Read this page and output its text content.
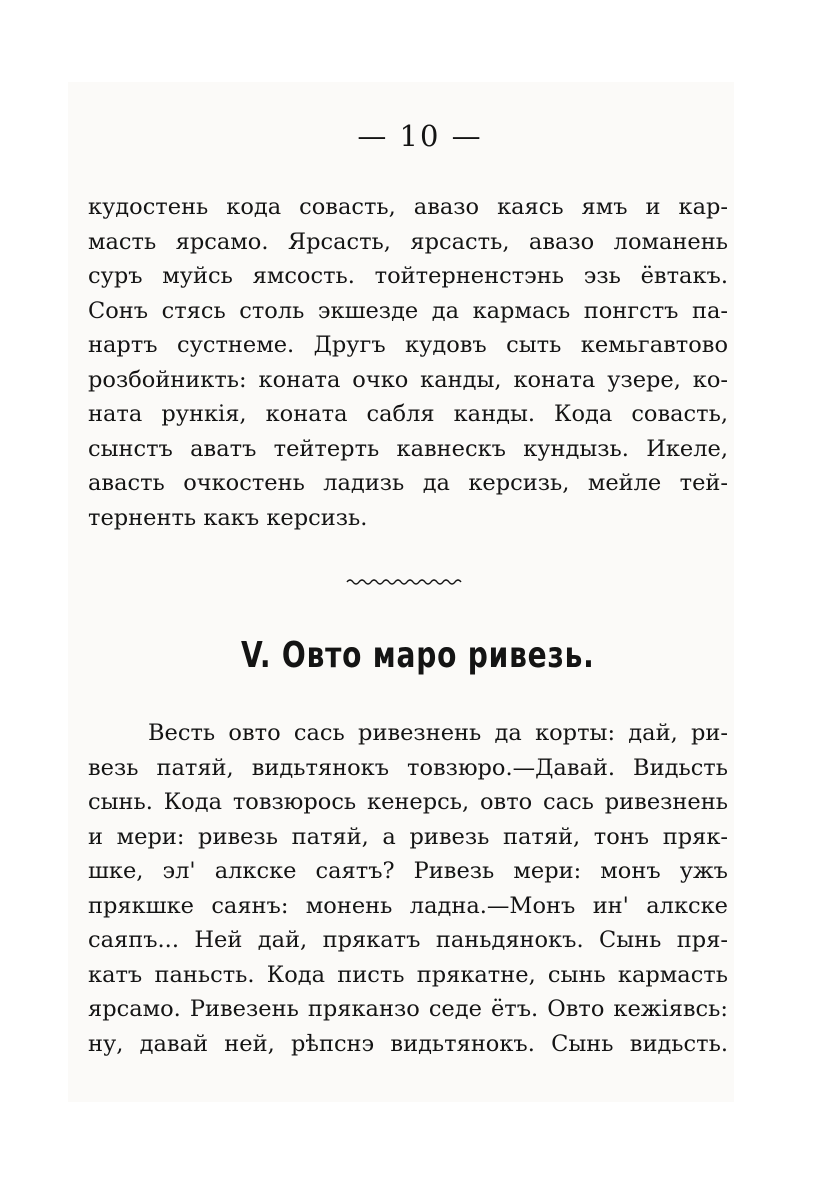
— 10 —
кудостень кода совасть, авазо каясь ямъ и кар-
масть ярсамо. Ярсасть, ярсасть, авазо ломанень
суръ муйсь ямсость. тойтерненстэнь эзь ёвтакъ.
Сонъ стясь столь экшезде да кармась понгстъ па-
нартъ сустнеме. Другъ кудовъ сыть кемьгавтово
розбойникть: коната очко канды, коната узере, ко-
ната рункія, коната сабля канды. Кода совасть,
сынстъ аватъ тейтерть кавнескъ кундызь. Икеле,
авасть очкостень ладизь да керсизь, мейле тей-
терненть какъ керсизь.
V. Овто маро ривезь.
Весть овто сась ривезнень да корты: дай, ри-
везь патяй, видьтянокъ товзюро.—Давай. Видьсть
сынь. Кода товзюрось кенерсь, овто сась ривезнень
и мери: ривезь патяй, а ривезь патяй, тонъ пряк-
шке, эл' алкске саятъ? Ривезь мери: монъ ужъ
прякшке саянъ: монень ладна.—Монъ ин' алкске
саяпъ... Ней дай, прякатъ паньдянокъ. Сынь пря-
катъ паньсть. Кода писть прякатне, сынь кармасть
ярсамо. Ривезень пряканзо седе ётъ. Овто кежіявсь:
ну, давай ней, рѣпснэ видьтянокъ. Сынь видьсть.
